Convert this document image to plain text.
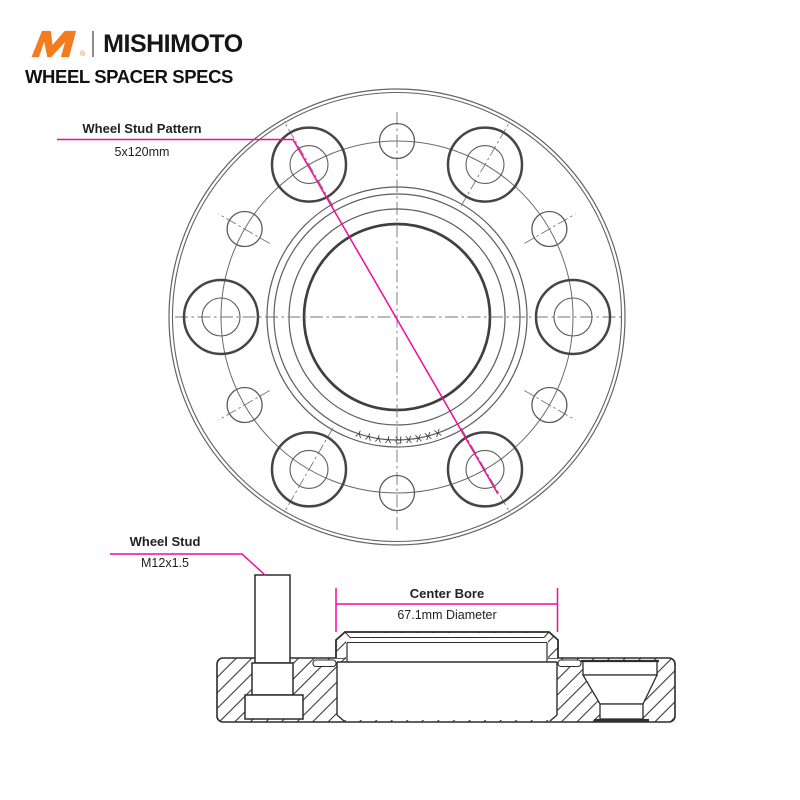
® MISHIMOTO
WHEEL SPACER SPECS
Wheel Stud Pattern
5x120mm
Wheel Stud
M12x1.5
Center Bore
67.1mm Diameter
XXXXRYYYY
